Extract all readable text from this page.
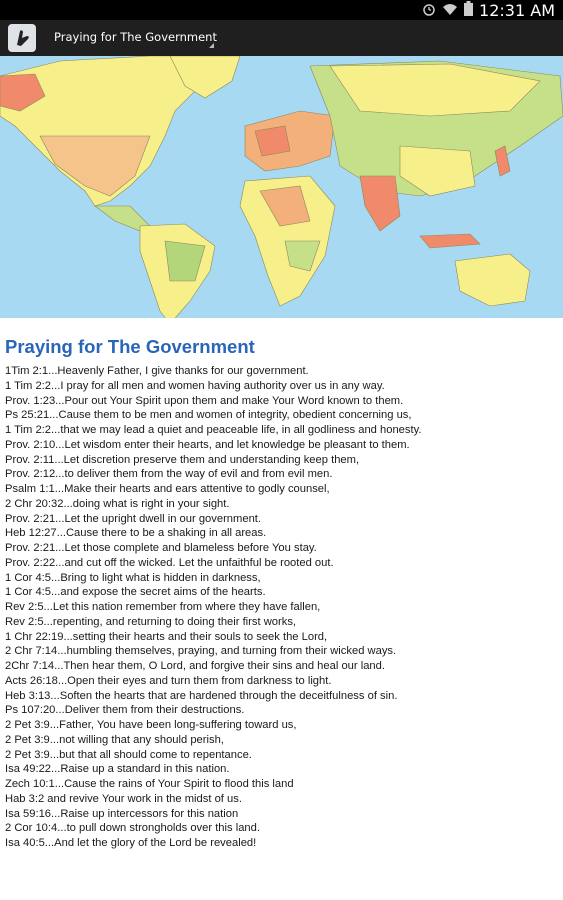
12:31 AM
Praying for The Government
Praying for The Government
1Tim 2:1...Heavenly Father, I give thanks for our government.
1 Tim 2:2...I pray for all men and women having authority over us in any way.
Prov. 1:23...Pour out Your Spirit upon them and make Your Word known to them.
Ps 25:21...Cause them to be men and women of integrity, obedient concerning us,
1 Tim 2:2...that we may lead a quiet and peaceable life, in all godliness and honesty.
Prov. 2:10...Let wisdom enter their hearts, and let knowledge be pleasant to them.
Prov. 2:11...Let discretion preserve them and understanding keep them,
Prov. 2:12...to deliver them from the way of evil and from evil men.
Psalm 1:1...Make their hearts and ears attentive to godly counsel,
2 Chr 20:32...doing what is right in your sight.
Prov. 2:21...Let the upright dwell in our government.
Heb 12:27...Cause there to be a shaking in all areas.
Prov. 2:21...Let those complete and blameless before You stay.
Prov. 2:22...and cut off the wicked. Let the unfaithful be rooted out.
1 Cor 4:5...Bring to light what is hidden in darkness,
1 Cor 4:5...and expose the secret aims of the hearts.
Rev 2:5...Let this nation remember from where they have fallen,
Rev 2:5...repenting, and returning to doing their first works,
1 Chr 22:19...setting their hearts and their souls to seek the Lord,
2 Chr 7:14...humbling themselves, praying, and turning from their wicked ways.
2Chr 7:14...Then hear them, O Lord, and forgive their sins and heal our land.
Acts 26:18...Open their eyes and turn them from darkness to light.
Heb 3:13...Soften the hearts that are hardened through the deceitfulness of sin.
Ps 107:20...Deliver them from their destructions.
2 Pet 3:9...Father, You have been long-suffering toward us,
2 Pet 3:9...not willing that any should perish,
2 Pet 3:9...but that all should come to repentance.
Isa 49:22...Raise up a standard in this nation.
Zech 10:1...Cause the rains of Your Spirit to flood this land
Hab 3:2 and revive Your work in the midst of us.
Isa 59:16...Raise up intercessors for this nation
2 Cor 10:4...to pull down strongholds over this land.
Isa 40:5...And let the glory of the Lord be revealed!
